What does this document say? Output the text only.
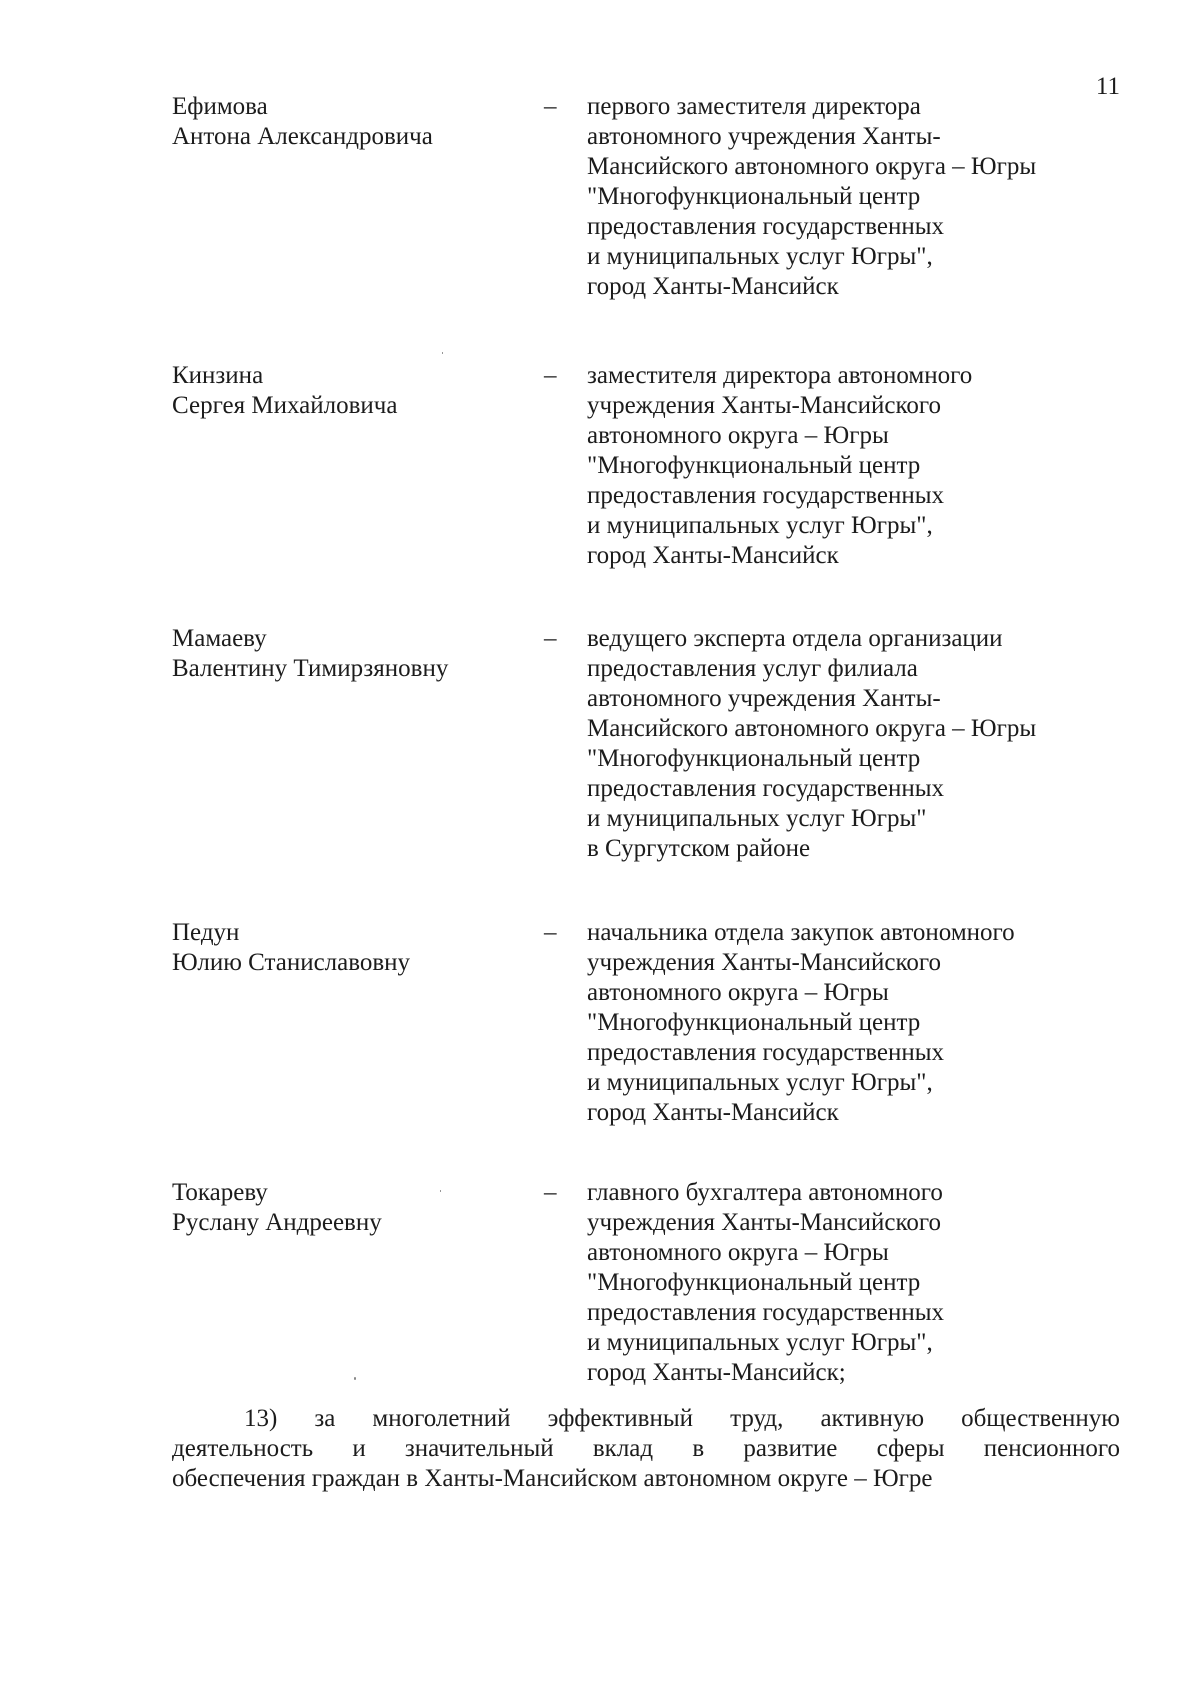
11
Ефимова
Антона Александровича
–	первого заместителя директора
автономного учреждения Ханты-
Мансийского автономного округа – Югры
"Многофункциональный центр
предоставления государственных
и муниципальных услуг Югры",
город Ханты-Мансийск
Кинзина
Сергея Михайловича
–	заместителя директора автономного
учреждения Ханты-Мансийского
автономного округа – Югры
"Многофункциональный центр
предоставления государственных
и муниципальных услуг Югры",
город Ханты-Мансийск
Мамаеву
Валентину Тимирзяновну
–	ведущего эксперта отдела организации
предоставления услуг филиала
автономного учреждения Ханты-
Мансийского автономного округа – Югры
"Многофункциональный центр
предоставления государственных
и муниципальных услуг Югры"
в Сургутском районе
Педун
Юлию Станиславовну
–	начальника отдела закупок автономного
учреждения Ханты-Мансийского
автономного округа – Югры
"Многофункциональный центр
предоставления государственных
и муниципальных услуг Югры",
город Ханты-Мансийск
Токареву
Руслану Андреевну
–	главного бухгалтера автономного
учреждения Ханты-Мансийского
автономного округа – Югры
"Многофункциональный центр
предоставления государственных
и муниципальных услуг Югры",
город Ханты-Мансийск;
13) за многолетний эффективный труд, активную общественную
деятельность и значительный вклад в развитие сферы пенсионного
обеспечения граждан в Ханты-Мансийском автономном округе – Югре
